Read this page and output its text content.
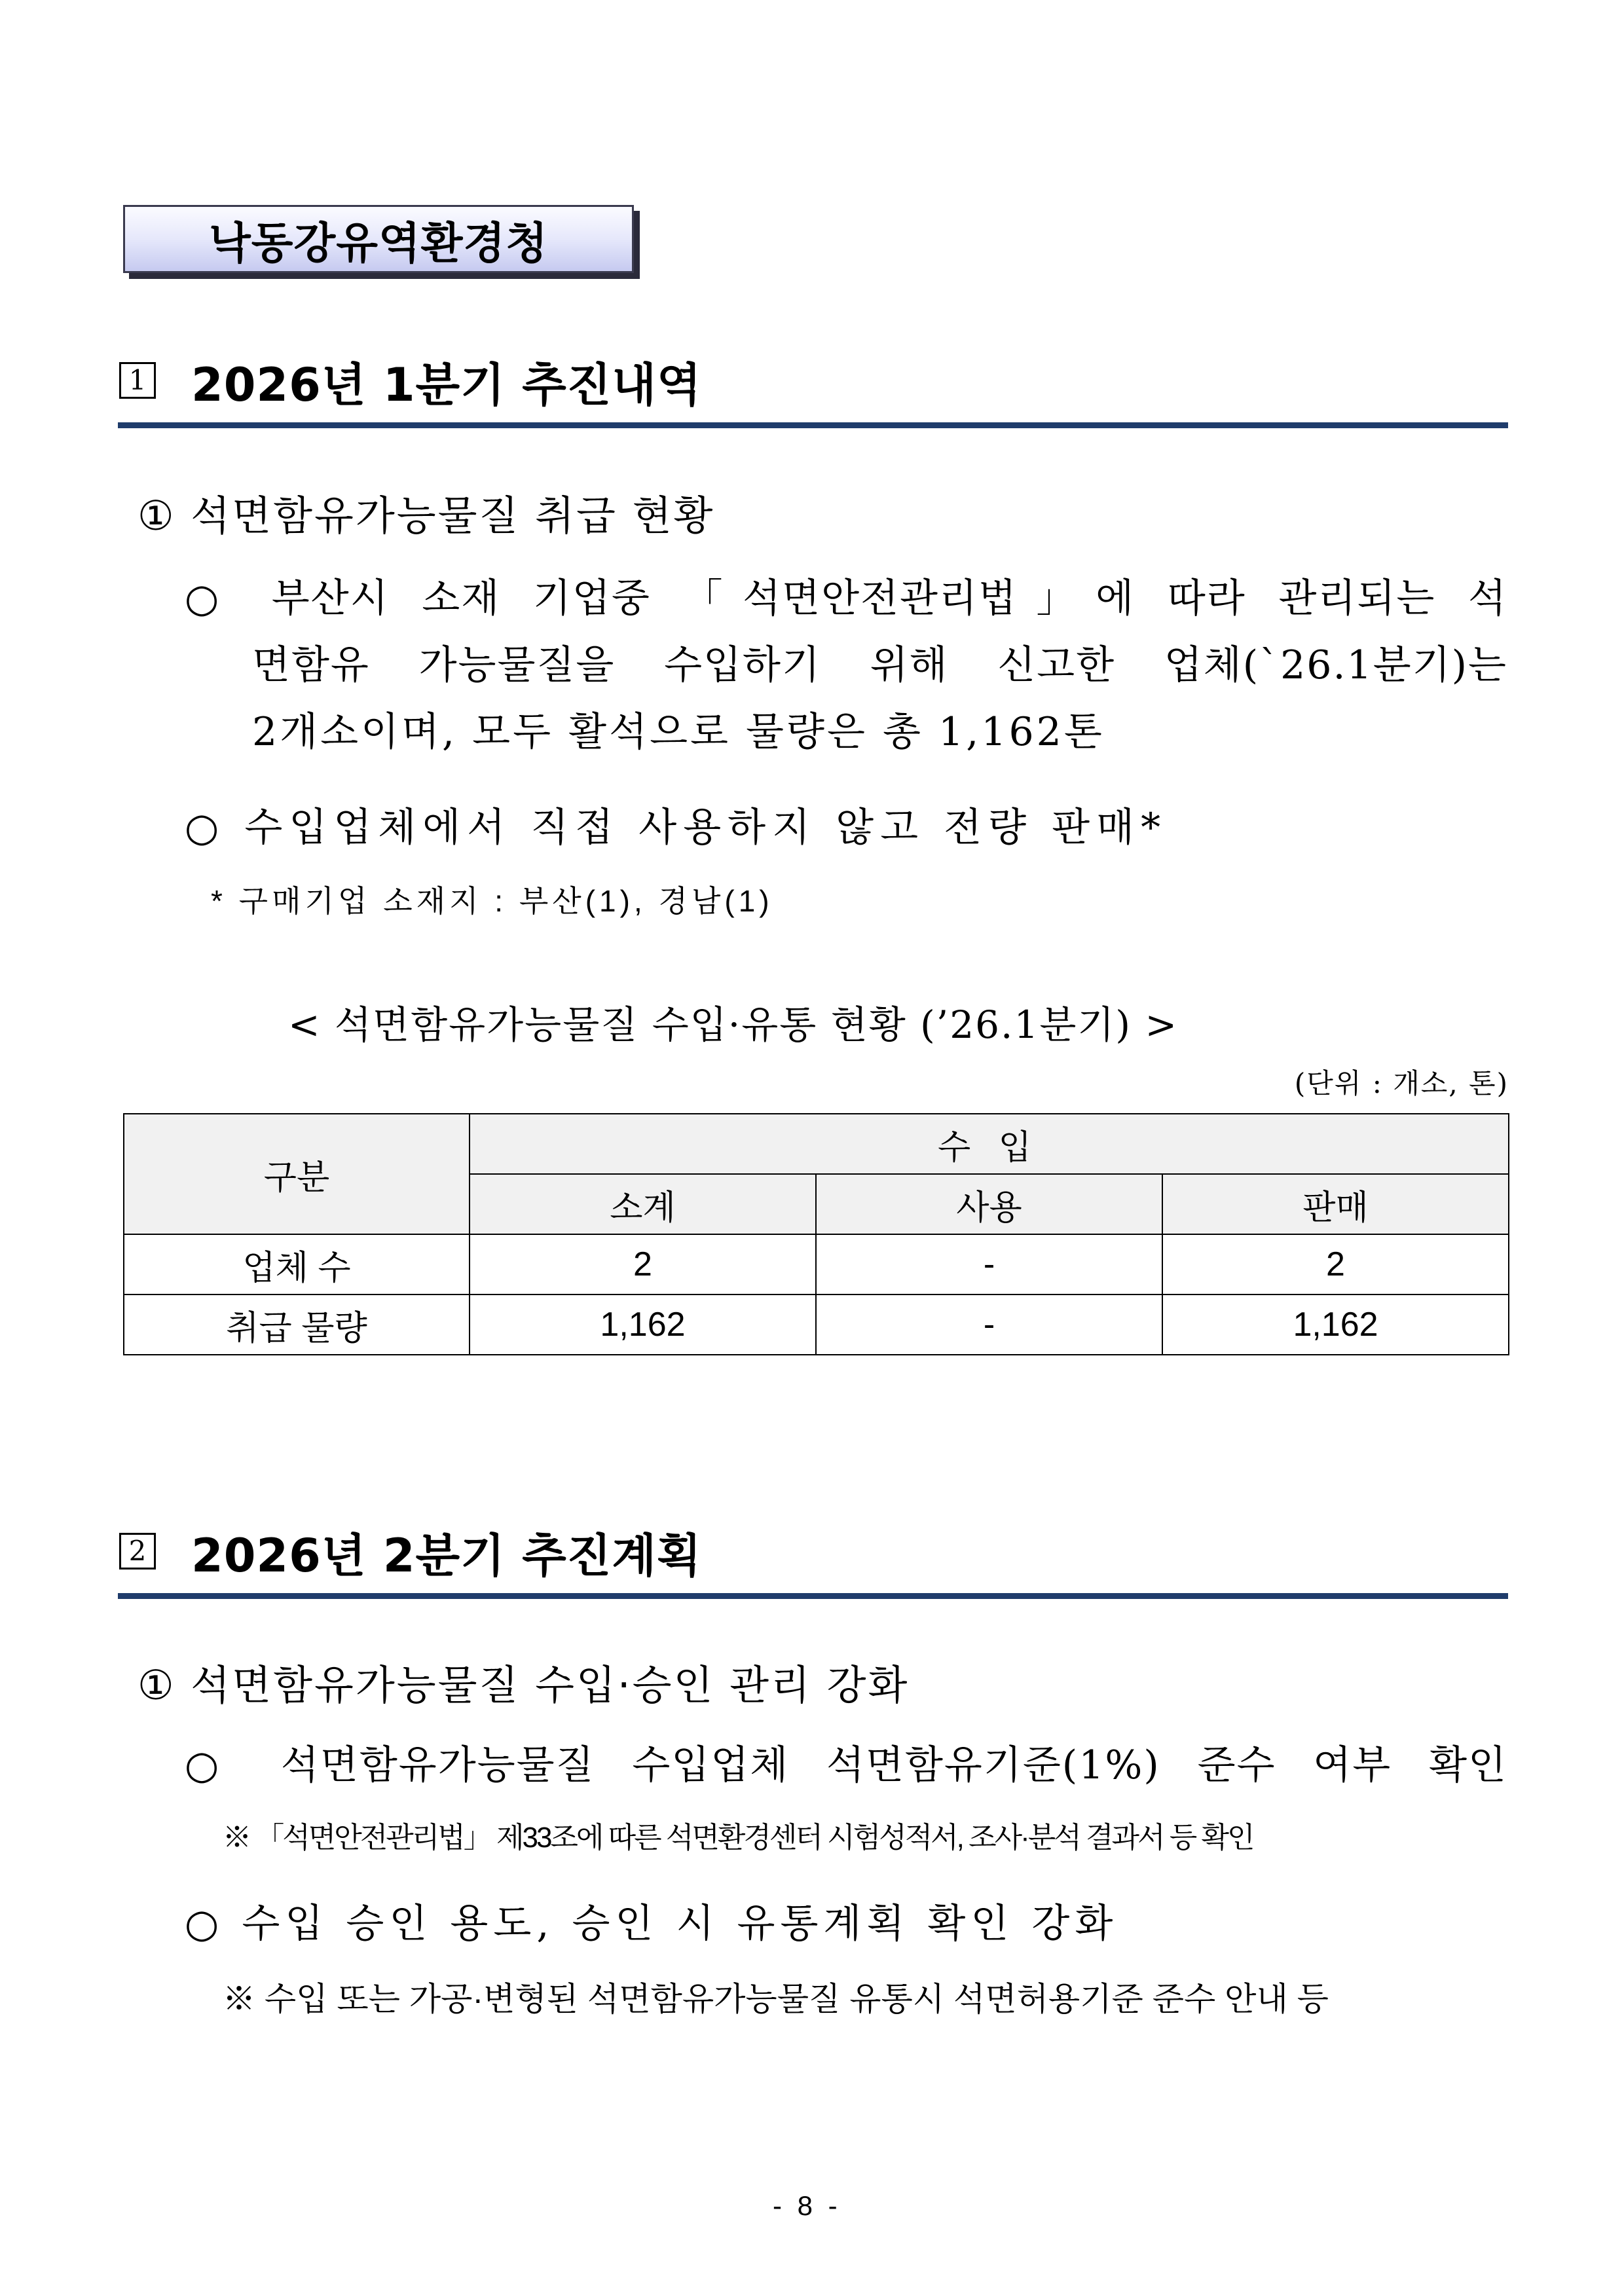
낙동강유역환경청
1 2026년 1분기 추진내역
① 석면함유가능물질 취급 현황
○ 부산시 소재 기업중 「석면안전관리법」에 따라 관리되는 석
면함유 가능물질을 수입하기 위해 신고한 업체(`26.1분기)는
2개소이며, 모두 활석으로 물량은 총 1,162톤
○ 수입업체에서 직접 사용하지 않고 전량 판매*
* 구매기업 소재지 : 부산(1), 경남(1)
< 석면함유가능물질 수입·유통 현황 (’26.1분기) >
(단위 : 개소, 톤)
구분	수 입		
	소계	사용	판매
업체 수	2	-	2
취급 물량	1,162	-	1,162
2 2026년 2분기 추진계획
① 석면함유가능물질 수입·승인 관리 강화
○ 석면함유가능물질 수입업체 석면함유기준(1%) 준수 여부 확인
※ 「석면안전관리법」 제33조에 따른 석면환경센터 시험성적서, 조사·분석 결과서 등 확인
○ 수입 승인 용도, 승인 시 유통계획 확인 강화
※ 수입 또는 가공·변형된 석면함유가능물질 유통시 석면허용기준 준수 안내 등
- 8 -
